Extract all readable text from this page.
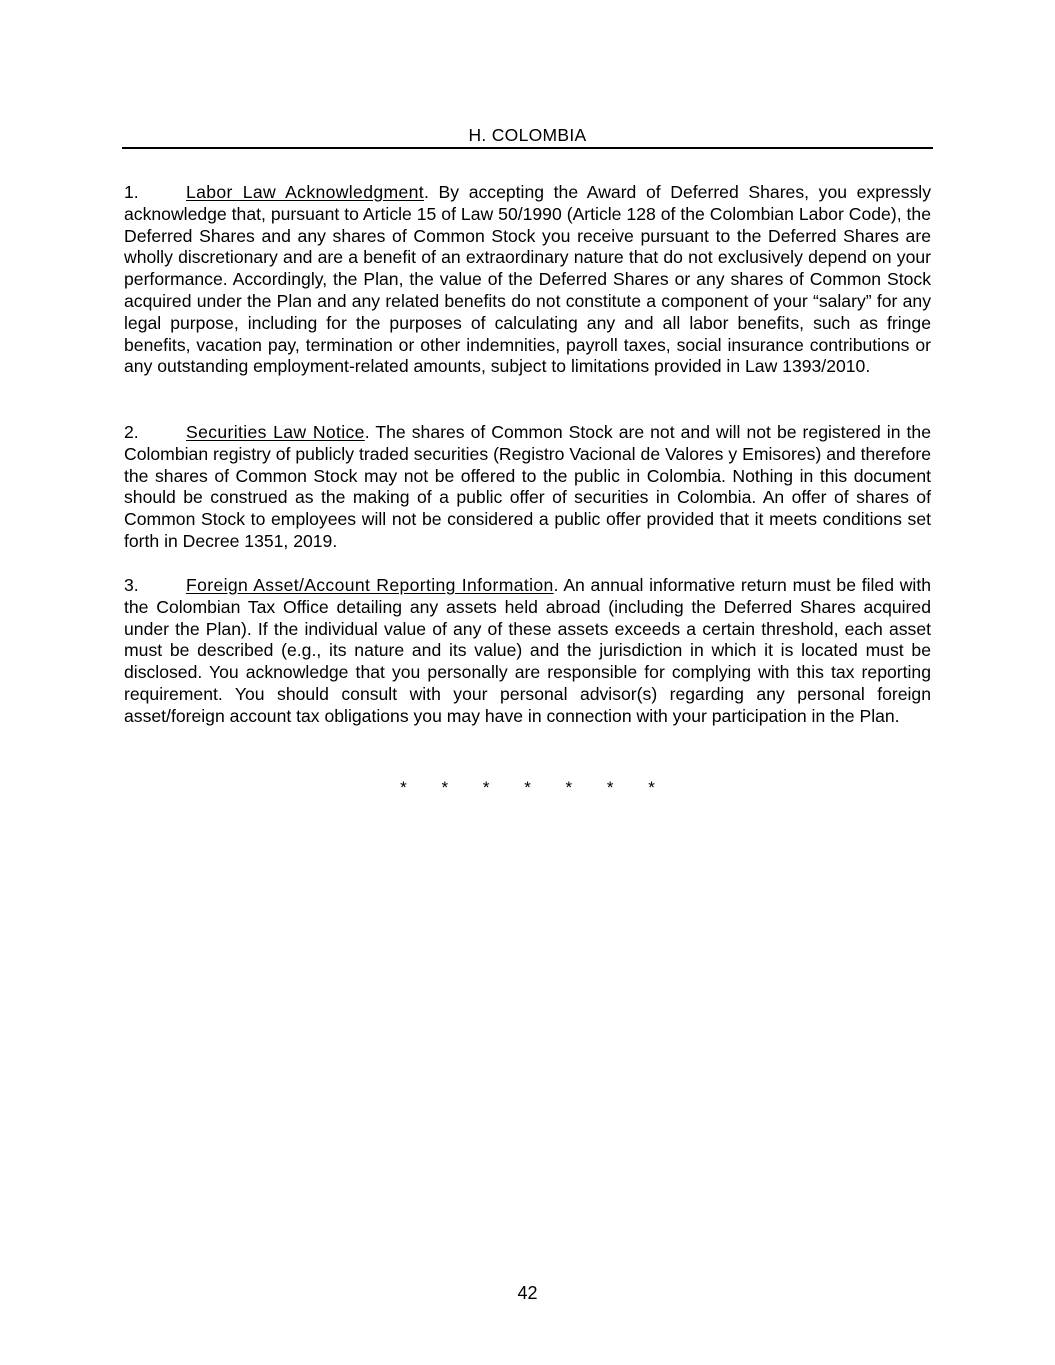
H. COLOMBIA

1.	Labor Law Acknowledgment. By accepting the Award of Deferred Shares, you expressly acknowledge that, pursuant to Article 15 of Law 50/1990 (Article 128 of the Colombian Labor Code), the Deferred Shares and any shares of Common Stock you receive pursuant to the Deferred Shares are wholly discretionary and are a benefit of an extraordinary nature that do not exclusively depend on your performance. Accordingly, the Plan, the value of the Deferred Shares or any shares of Common Stock acquired under the Plan and any related benefits do not constitute a component of your “salary” for any legal purpose, including for the purposes of calculating any and all labor benefits, such as fringe benefits, vacation pay, termination or other indemnities, payroll taxes, social insurance contributions or any outstanding employment-related amounts, subject to limitations provided in Law 1393/2010.

2.	Securities Law Notice. The shares of Common Stock are not and will not be registered in the Colombian registry of publicly traded securities (Registro Vacional de Valores y Emisores) and therefore the shares of Common Stock may not be offered to the public in Colombia. Nothing in this document should be construed as the making of a public offer of securities in Colombia. An offer of shares of Common Stock to employees will not be considered a public offer provided that it meets conditions set forth in Decree 1351, 2019.

3.	Foreign Asset/Account Reporting Information. An annual informative return must be filed with the Colombian Tax Office detailing any assets held abroad (including the Deferred Shares acquired under the Plan). If the individual value of any of these assets exceeds a certain threshold, each asset must be described (e.g., its nature and its value) and the jurisdiction in which it is located must be disclosed. You acknowledge that you personally are responsible for complying with this tax reporting requirement. You should consult with your personal advisor(s) regarding any personal foreign asset/foreign account tax obligations you may have in connection with your participation in the Plan.

* * * * * * *
42
